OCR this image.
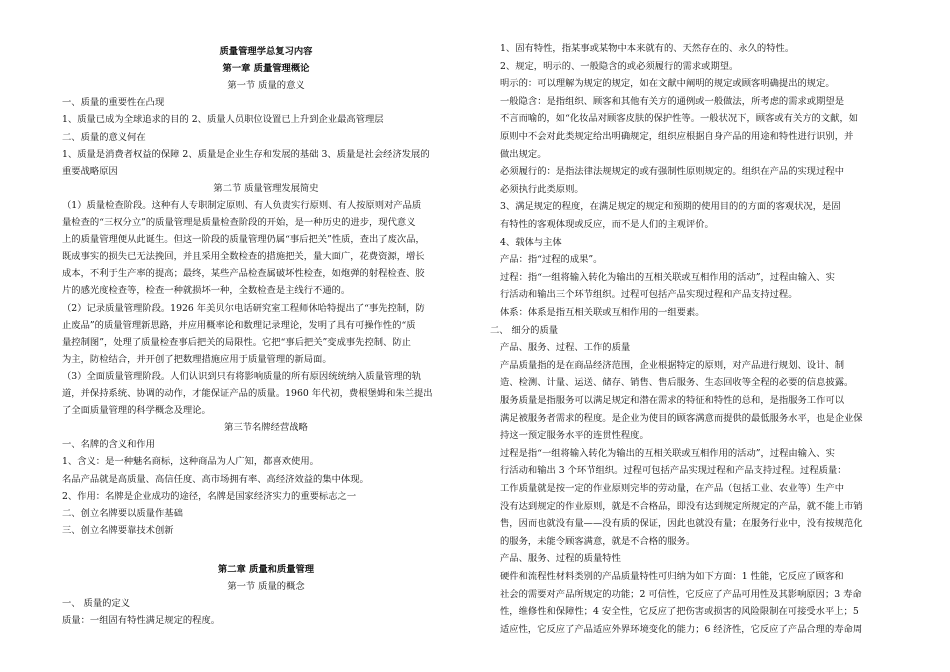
质量管理学总复习内容
第一章 质量管理概论
第一节 质量的意义
一、质量的重要性在凸现
1、质量已成为全球追求的目的 2、质量人员职位设置已上升到企业最高管理层
二、质量的意义何在
1、质量是消费者权益的保障 2、质量是企业生存和发展的基础 3、质量是社会经济发展的
重要战略原因
第二节 质量管理发展简史
（1）质量检查阶段。这种有人专职制定原则、有人负责实行原则、有人按原则对产品质
量检查的“三权分立”的质量管理是质量检查阶段的开始，是一种历史的进步，现代意义
上的质量管理便从此诞生。但这一阶段的质量管理仍属“事后把关”性质，查出了废次品，
既成事实的损失已无法挽回，并且采用全数检查的措施把关，量大面广，花费资源，增长
成本，不利于生产率的提高；最终，某些产品检查属破坏性检查，如炮弹的射程检查、胶
片的感光度检查等，检查一种就损坏一种，全数检查是主线行不通的。
（2）记录质量管理阶段。1926 年美贝尔电话研究室工程师休哈特提出了“事先控制，防
止废品”的质量管理新思路，并应用概率论和数理记录理论，发明了具有可操作性的“质
量控制图”，处理了质量检查事后把关的局限性。它把“事后把关”变成事先控制、防止
为主，防检结合，并开创了把数理措施应用于质量管理的新局面。
（3）全面质量管理阶段。人们认识到只有将影响质量的所有原因统统纳入质量管理的轨
道，并保持系统、协调的动作，才能保证产品的质量。1960 年代初，费根堡姆和朱兰提出
了全面质量管理的科学概念及理论。
第三节名牌经营战略
一、名牌的含义和作用
1、含义：是一种魅名商标，这种商品为人广知，都喜欢使用。
名品产品就是高质量、高信任度、高市场拥有率、高经济效益的集中体现。
2、作用：名牌是企业成功的途径，名牌是国家经济实力的重要标志之一
二、创立名牌要以质量作基础
三、创立名牌要靠技术创新
第二章 质量和质量管理
第一节 质量的概念
一、 质量的定义
质量：一组固有特性满足规定的程度。
1、固有特性，指某事或某物中本来就有的、天然存在的、永久的特性。
2、规定，明示的、一般隐含的或必须履行的需求或期望。
明示的：可以理解为规定的规定，如在文献中阐明的规定或顾客明确提出的规定。
一般隐含：是指组织、顾客和其他有关方的通例或一般做法，所考虑的需求或期望是
不言而喻的，如“化妆品对顾客皮肤的保护性等。一般状况下，顾客或有关方的文献，如
原则中不会对此类规定给出明确规定，组织应根据自身产品的用途和特性进行识别，并
做出规定。
必须履行的：是指法律法规规定的或有强制性原则规定的。组织在产品的实现过程中
必须执行此类原则。
3、满足规定的程度，在满足规定的规定和预期的使用目的的方面的客观状况，是固
有特性的客观体现或反应，而不是人们的主观评价。
4、载体与主体
产品：指“过程的成果”。
过程：指“一组将输入转化为输出的互相关联或互相作用的活动”，过程由输入、实
行活动和输出三个环节组织。过程可包括产品实现过程和产品支持过程。
体系：体系是指互相关联或互相作用的一组要素。
二、 细分的质量
产品、服务、过程、工作的质量
产品质量指的是在商品经济范围，企业根据特定的原则，对产品进行规划、设计、制
造、检测、计量、运送、储存、销售、售后服务、生态回收等全程的必要的信息披露。
服务质量是指服务可以满足规定和潜在需求的特征和特性的总和，是指服务工作可以
满足被服务者需求的程度。是企业为使目的顾客满意而提供的最低服务水平，也是企业保
持这一预定服务水平的连贯性程度。
过程是指“一组将输入转化为输出的互相关联或互相作用的活动”，过程由输入、实
行活动和输出 3 个环节组织。过程可包括产品实现过程和产品支持过程。过程质量：
工作质量就是按一定的作业原则完毕的劳动量，在产品（包括工业、农业等）生产中
没有达到规定的作业原则，就是不合格品，即没有达到规定所规定的产品，就不能上市销
售，因而也就没有量——没有质的保证，因此也就没有量；在服务行业中，没有按规范化
的服务，未能令顾客满意，就是不合格的服务。
产品、服务、过程的质量特性
硬件和流程性材料类别的产品质量特性可归纳为如下方面：1 性能，它反应了顾客和
社会的需要对产品所规定的功能；2 可信性，它反应了产品可用性及其影响原因；3 寿命
性，维修性和保障性；4 安全性，它反应了把伤害或损害的风险限制在可接受水平上；5
适应性，它反应了产品适应外界环境变化的能力；6 经济性，它反应了产品合理的寿命周
